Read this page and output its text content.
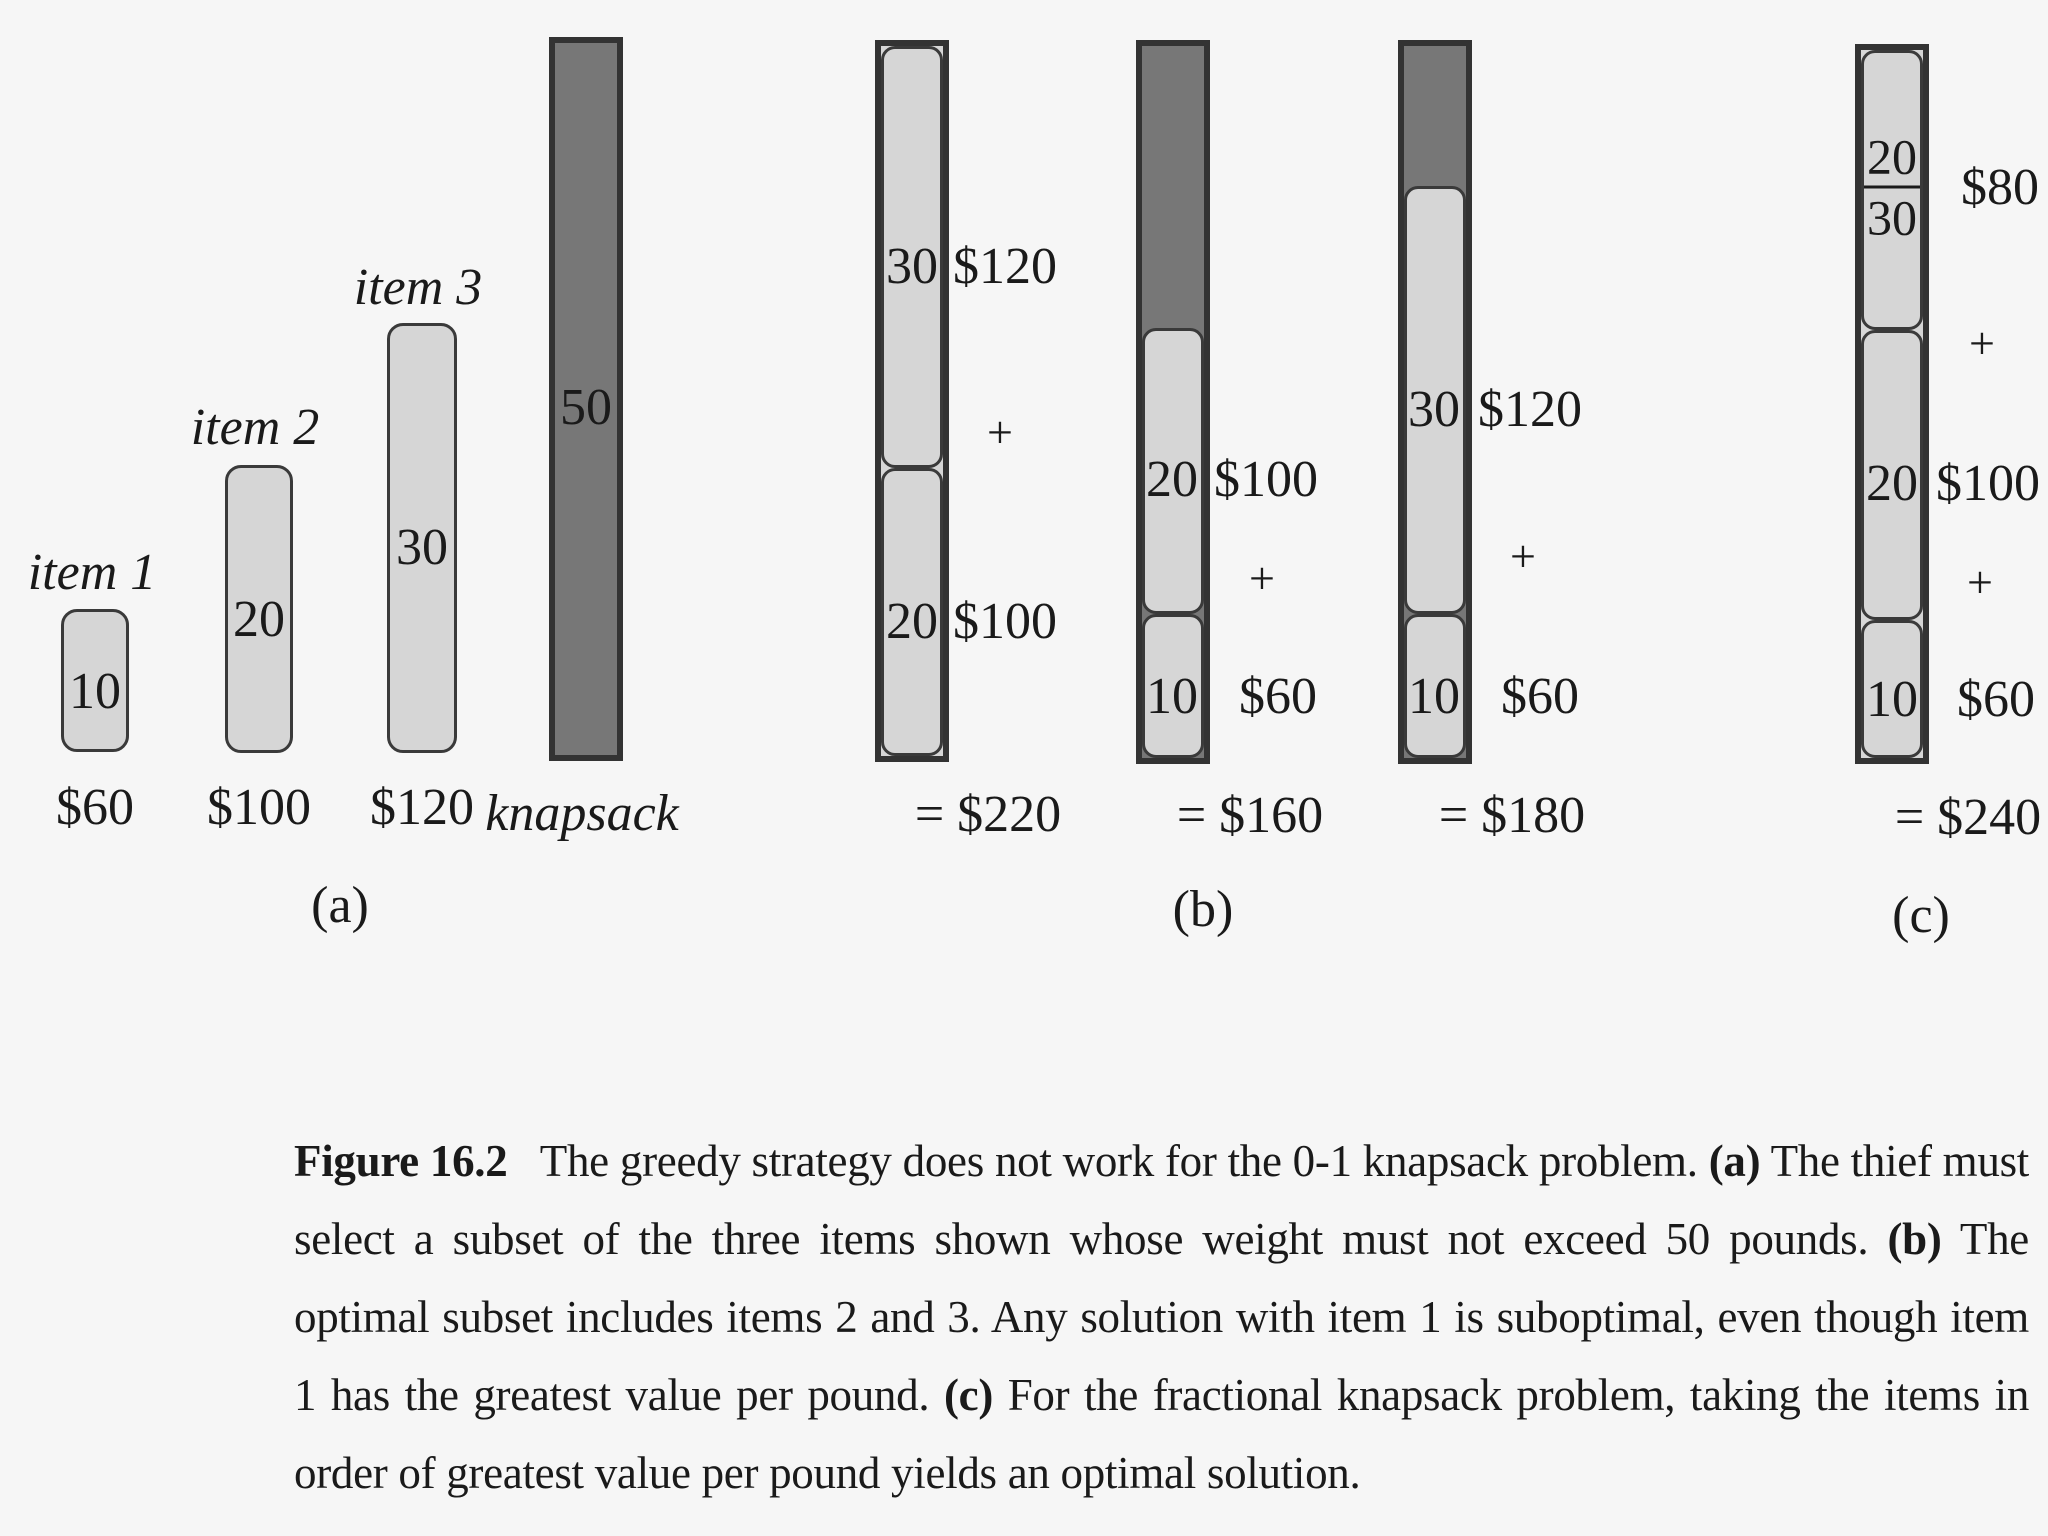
item 1
10
$60
item 2
20
$100
item 3
30
$120
50
knapsack
(a)
30 $120
+
20 $100
= $220
20 $100
+
10 $60
= $160
30 $120
+
10 $60
= $180
(b)
20
30
$80
+
20 $100
+
10 $60
= $240
(c)
Figure 16.2 The greedy strategy does not work for the 0-1 knapsack problem. (a) The thief must select a subset of the three items shown whose weight must not exceed 50 pounds. (b) The optimal subset includes items 2 and 3. Any solution with item 1 is suboptimal, even though item 1 has the greatest value per pound. (c) For the fractional knapsack problem, taking the items in order of greatest value per pound yields an optimal solution.
